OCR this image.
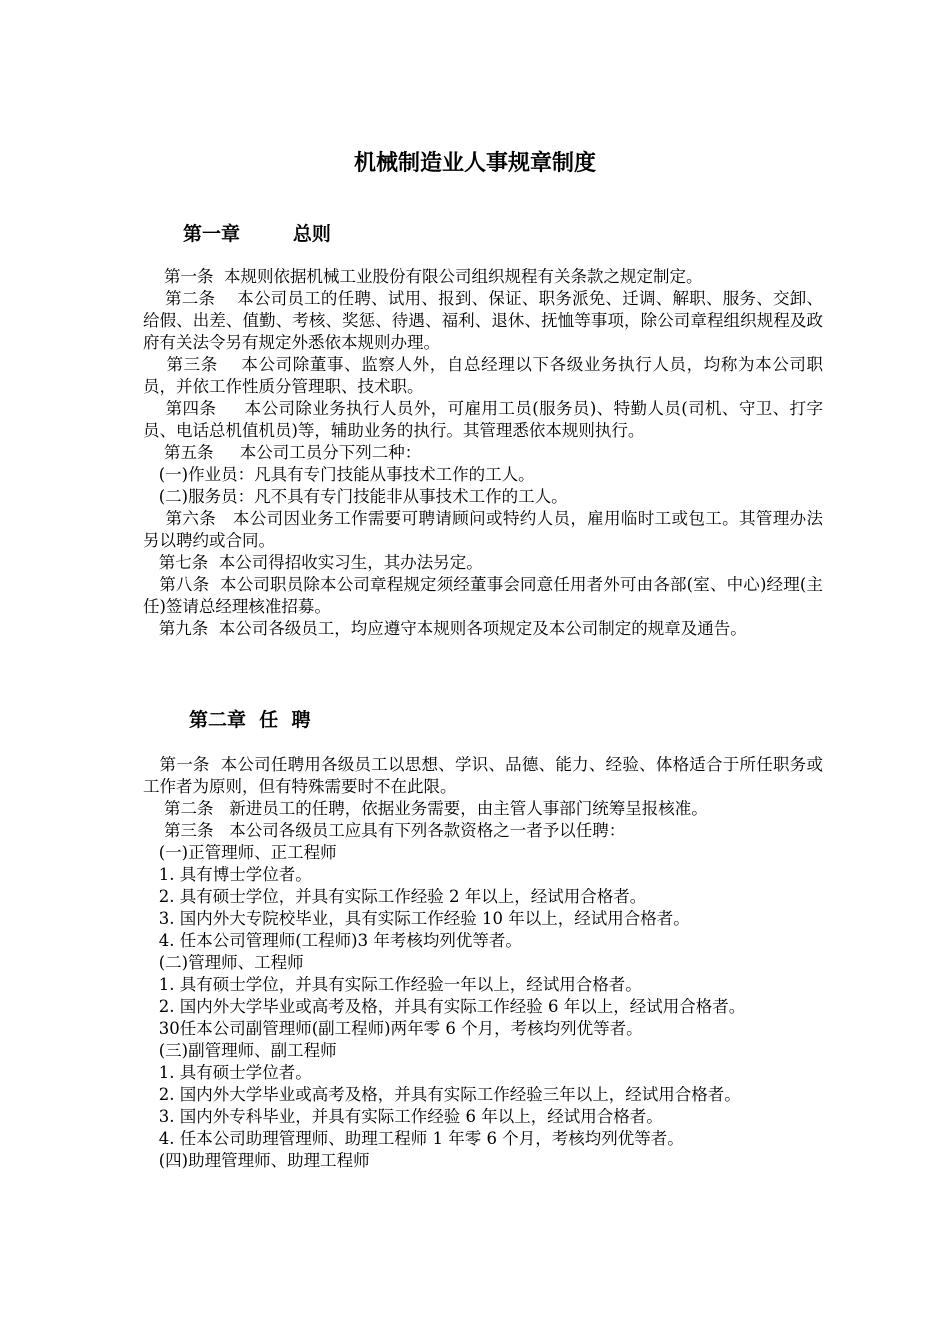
机械制造业人事规章制度
第一章        总则

第一条  本规则依据机械工业股份有限公司组织规程有关条款之规定制定。

第二条    本公司员工的任聘、试用、报到、保证、职务派免、迁调、解职、服务、交卸、给假、出差、值勤、考核、奖惩、待遇、福利、退休、抚恤等事项，除公司章程组织规程及政府有关法令另有规定外悉依本规则办理。

第三条    本公司除董事、监察人外，自总经理以下各级业务执行人员，均称为本公司职员，并依工作性质分管理职、技术职。

第四条     本公司除业务执行人员外，可雇用工员(服务员)、特勤人员(司机、守卫、打字员、电话总机值机员)等，辅助业务的执行。其管理悉依本规则执行。

第五条     本公司工员分下列二种：

(一)作业员：凡具有专门技能从事技术工作的工人。

(二)服务员：凡不具有专门技能非从事技术工作的工人。

第六条   本公司因业务工作需要可聘请顾问或特约人员，雇用临时工或包工。其管理办法另以聘约或合同。

第七条  本公司得招收实习生，其办法另定。

第八条  本公司职员除本公司章程规定须经董事会同意任用者外可由各部(室、中心)经理(主任)签请总经理核准招募。

第九条  本公司各级员工，均应遵守本规则各项规定及本公司制定的规章及通告。

第二章  任  聘

第一条  本公司任聘用各级员工以思想、学识、品德、能力、经验、体格适合于所任职务或工作者为原则，但有特殊需要时不在此限。

第二条   新进员工的任聘，依据业务需要，由主管人事部门统筹呈报核准。

第三条   本公司各级员工应具有下列各款资格之一者予以任聘：

(一)正管理师、正工程师

1. 具有博士学位者。

2. 具有硕士学位，并具有实际工作经验 2 年以上，经试用合格者。

3. 国内外大专院校毕业，具有实际工作经验 10 年以上，经试用合格者。

4. 任本公司管理师(工程师)3 年考核均列优等者。

(二)管理师、工程师

1. 具有硕士学位，并具有实际工作经验一年以上，经试用合格者。

2. 国内外大学毕业或高考及格，并具有实际工作经验 6 年以上，经试用合格者。

30任本公司副管理师(副工程师)两年零 6 个月，考核均列优等者。

(三)副管理师、副工程师

1. 具有硕士学位者。

2. 国内外大学毕业或高考及格，并具有实际工作经验三年以上，经试用合格者。

3. 国内外专科毕业，并具有实际工作经验 6 年以上，经试用合格者。

4. 任本公司助理管理师、助理工程师 1 年零 6 个月，考核均列优等者。

(四)助理管理师、助理工程师
